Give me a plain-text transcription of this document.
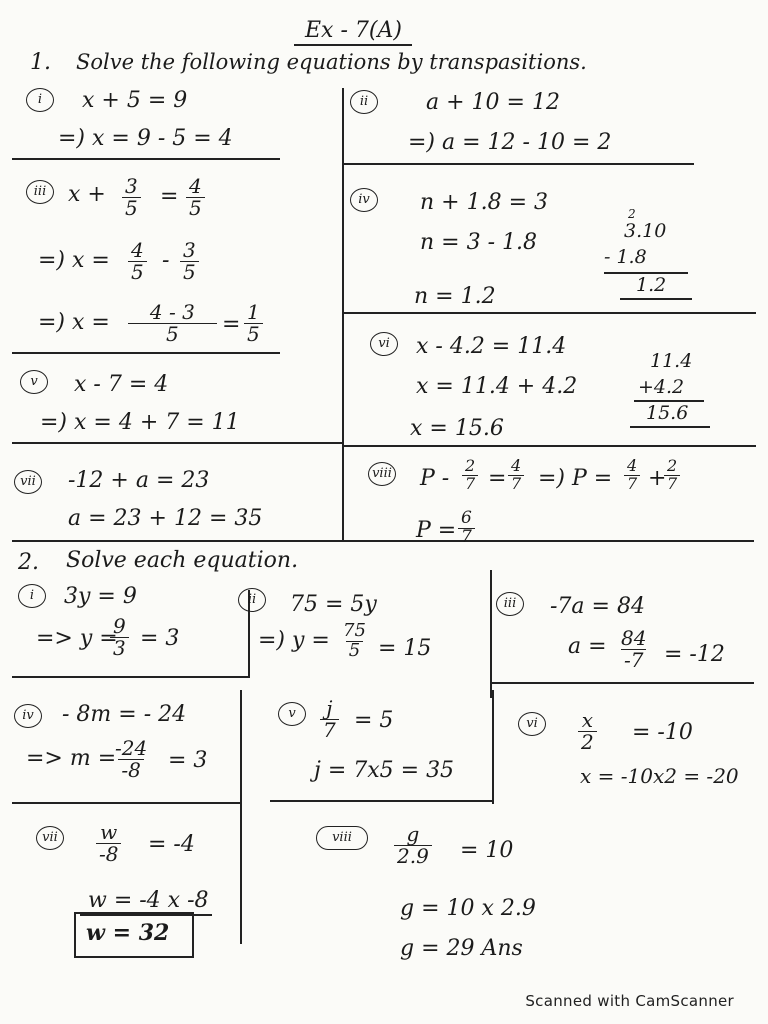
Ex - 7(A)
1. Solve the following equations by transpasitions.
i	x + 5 = 9
=) x = 9 - 5 = 4
ii	a + 10 = 12
=) a = 12 - 10 = 2
iii $x + \frac{3}{5} = \frac{4}{5}$
=) $x = \frac{4}{5} - \frac{3}{5}$
=) $x = \frac{4 - 3}{5} = \frac{1}{5}$
iv	n + 1.8 = 3
n = 3 - 1.8
n = 1.2
2
3.10
- 1.8
1.2
v	x - 7 = 4
=) x = 4 + 7 = 11
vi	x - 4.2 = 11.4
x = 11.4 + 4.2
x = 15.6
11.4
+4.2
15.6
vii -12 + a = 23
a = 23 + 12 = 35
viii $P - \frac{2}{7} = \frac{4}{7}$ =) $P = \frac{4}{7}$ +
$\frac{2}{7}$
$P = \frac{6}{7}$
2. Solve each equation.
i	3y = 9
=> y =
$\frac{9}{3} = 3$
ii	75 = 5y
=) $y = \frac{75}{5} = 15$
iii	-7a = 84
$a = \frac{84}{-7} = -12$
iv	- 8m = - 24
=> m =
$\frac{-24}{-8} = 3$
v	$\frac{j}{7} = 5$
j = 7x5 = 35
vi	$\frac{x}{2} = -10$
x = -10x2 = -20
vii	$\frac{w}{-8} = -4$
w = -4 x -8
w = 32
viii	$\frac{g}{2.9} = 10$
g = 10 x 2.9
g = 29 Ans
Scanned with CamScanner
